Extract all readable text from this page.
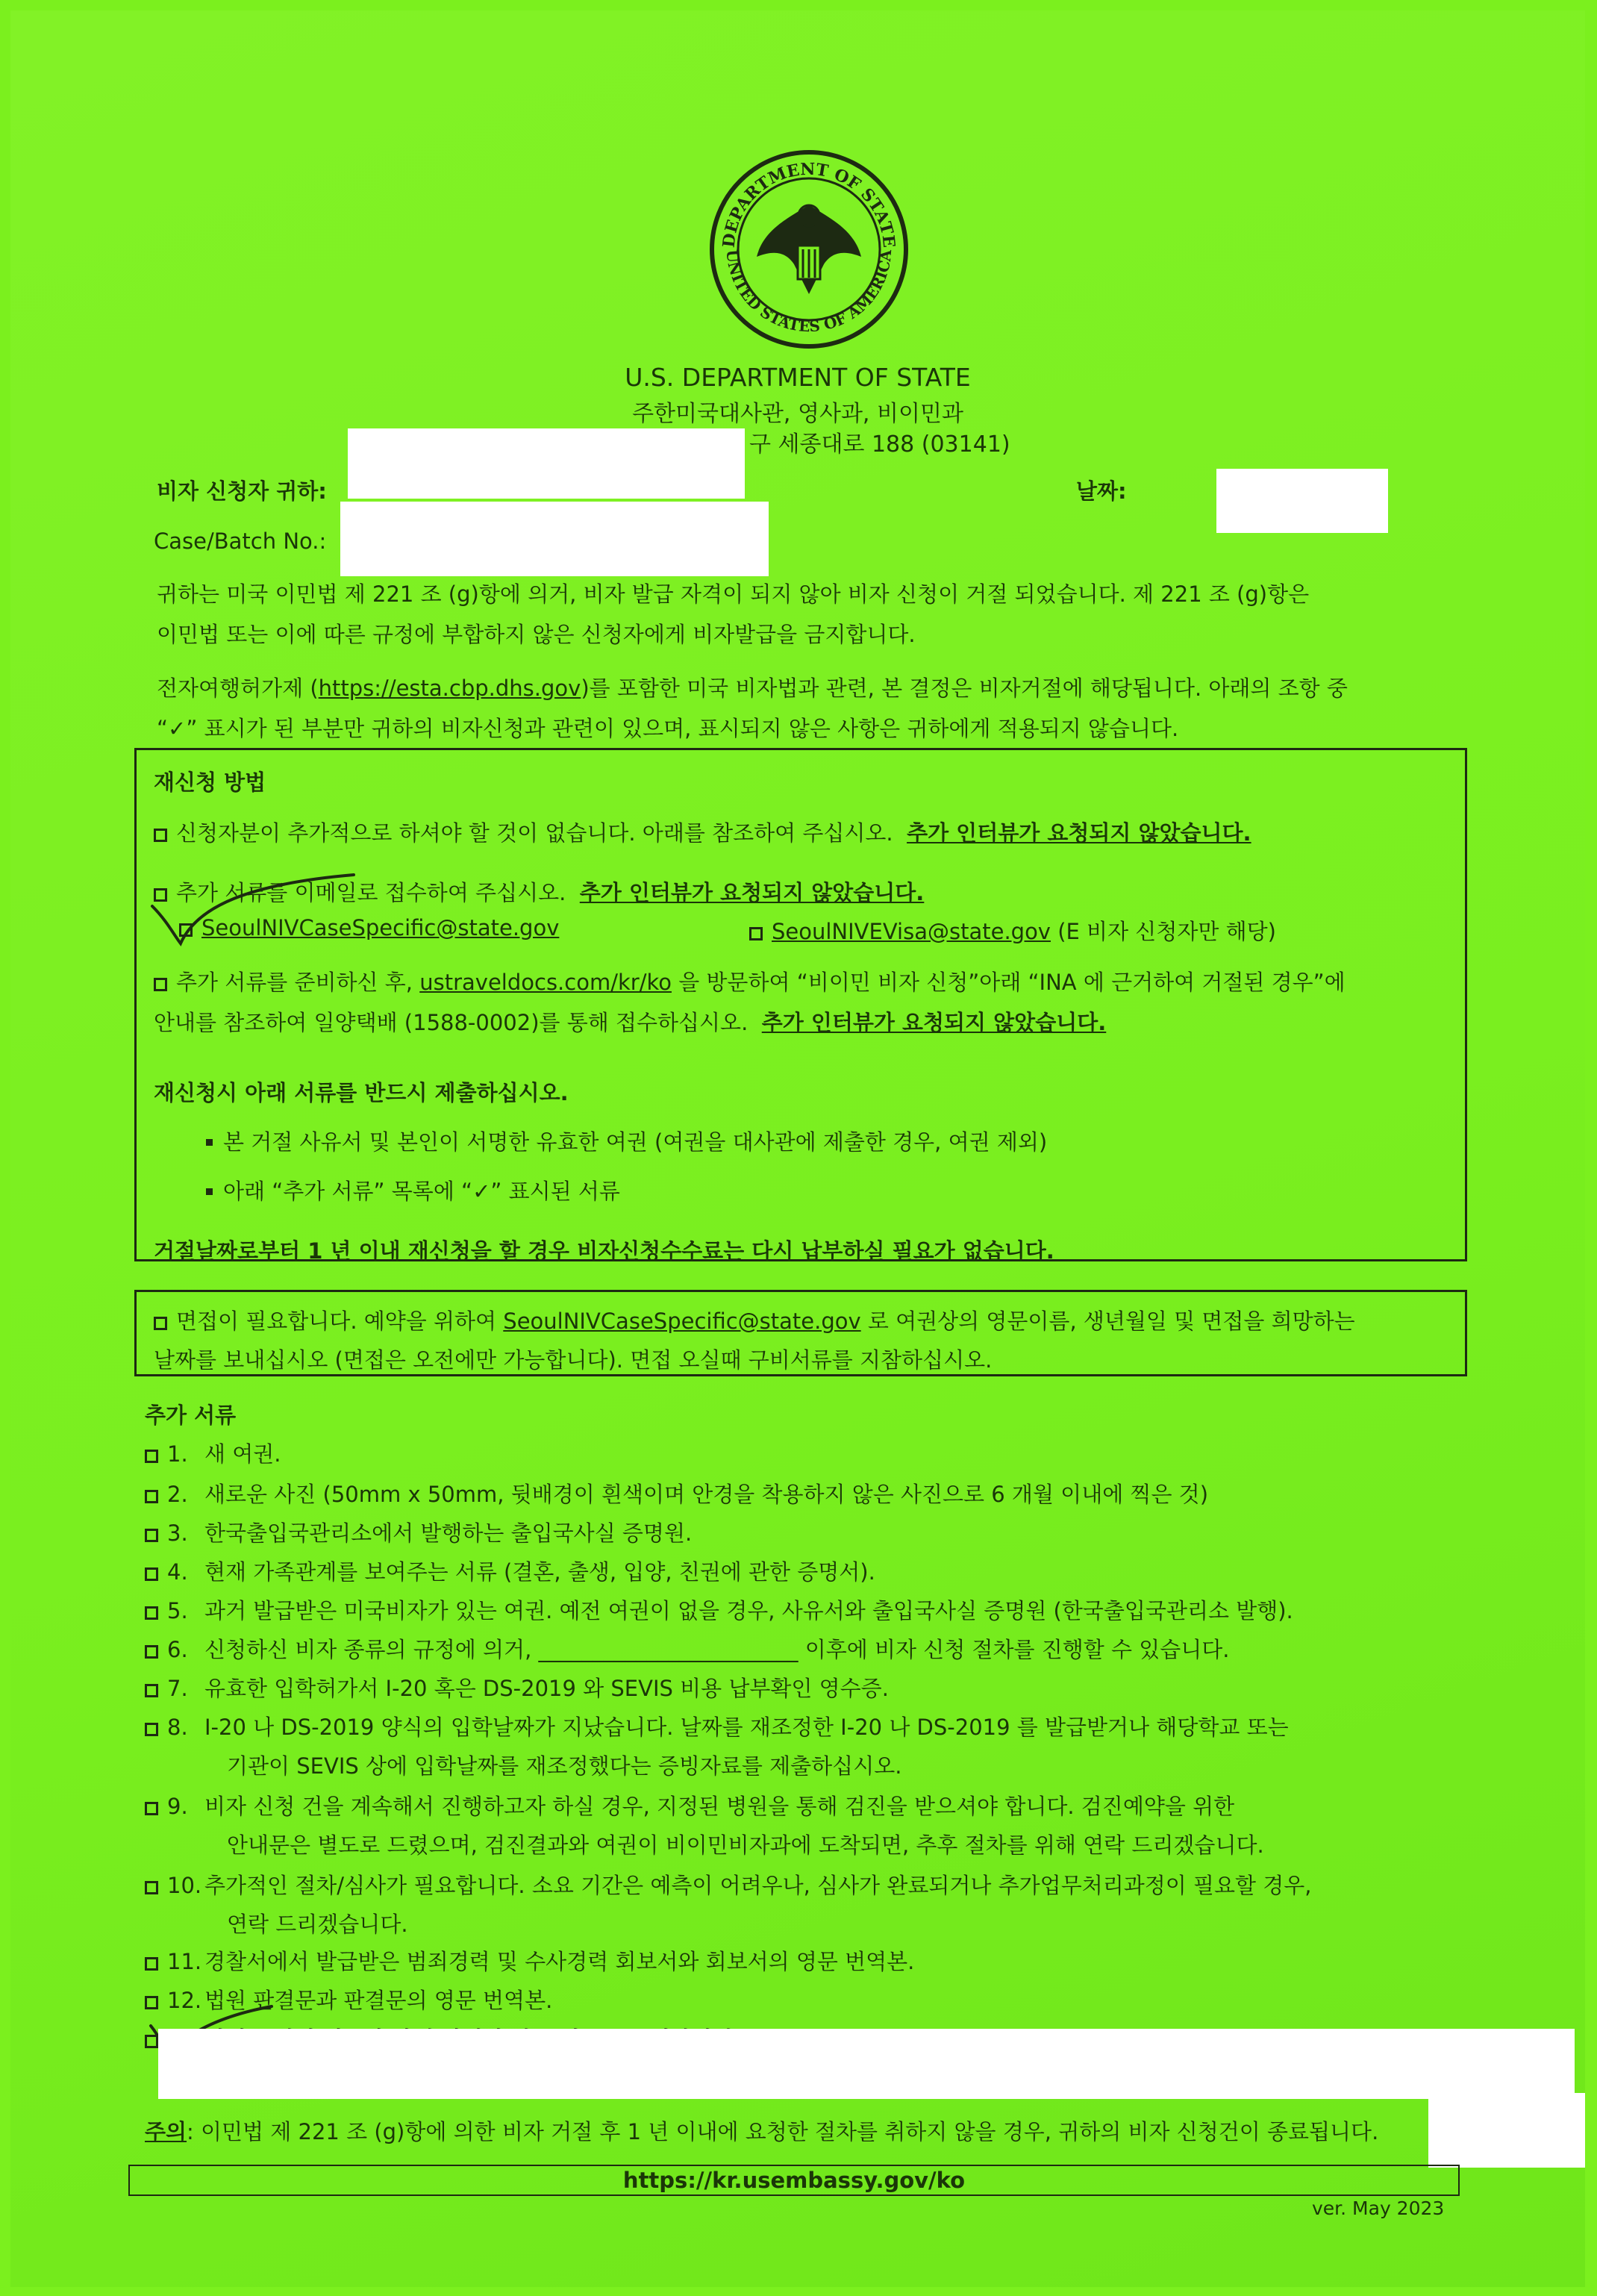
DEPARTMENT OF STATE
UNITED STATES OF AMERICA
U.S. DEPARTMENT OF STATE
주한미국대사관, 영사과, 비이민과
구 세종대로 188 (03141)
비자 신청자 귀하:	날짜:
Case/Batch No.:
귀하는 미국 이민법 제 221 조 (g)항에 의거, 비자 발급 자격이 되지 않아 비자 신청이 거절 되었습니다. 제 221 조 (g)항은
이민법 또는 이에 따른 규정에 부합하지 않은 신청자에게 비자발급을 금지합니다.
전자여행허가제 (https://esta.cbp.dhs.gov)를 포함한 미국 비자법과 관련, 본 결정은 비자거절에 해당됩니다. 아래의 조항 중
“✓” 표시가 된 부분만 귀하의 비자신청과 관련이 있으며, 표시되지 않은 사항은 귀하에게 적용되지 않습니다.
재신청 방법
신청자분이 추가적으로 하셔야 할 것이 없습니다. 아래를 참조하여 주십시오. 추가 인터뷰가 요청되지 않았습니다.
추가 서류를 이메일로 접수하여 주십시오. 추가 인터뷰가 요청되지 않았습니다.
SeoulNIVCaseSpecific@state.gov	SeoulNIVEVisa@state.gov (E 비자 신청자만 해당)
추가 서류를 준비하신 후, ustraveldocs.com/kr/ko 을 방문하여 “비이민 비자 신청”아래 “INA 에 근거하여 거절된 경우”에
안내를 참조하여 일양택배 (1588-0002)를 통해 접수하십시오. 추가 인터뷰가 요청되지 않았습니다.
재신청시 아래 서류를 반드시 제출하십시오.
본 거절 사유서 및 본인이 서명한 유효한 여권 (여권을 대사관에 제출한 경우, 여권 제외)
아래 “추가 서류” 목록에 “✓” 표시된 서류
거절날짜로부터 1 년 이내 재신청을 할 경우 비자신청수수료는 다시 납부하실 필요가 없습니다.
면접이 필요합니다. 예약을 위하여 SeoulNIVCaseSpecific@state.gov 로 여권상의 영문이름, 생년월일 및 면접을 희망하는
날짜를 보내십시오 (면접은 오전에만 가능합니다). 면접 오실때 구비서류를 지참하십시오.
추가 서류
1. 새 여권.
2. 새로운 사진 (50mm x 50mm, 뒷배경이 흰색이며 안경을 착용하지 않은 사진으로 6 개월 이내에 찍은 것)
3. 한국출입국관리소에서 발행하는 출입국사실 증명원.
4. 현재 가족관계를 보여주는 서류 (결혼, 출생, 입양, 친권에 관한 증명서).
5. 과거 발급받은 미국비자가 있는 여권. 예전 여권이 없을 경우, 사유서와 출입국사실 증명원 (한국출입국관리소 발행).
6. 신청하신 비자 종류의 규정에 의거, ________________________ 이후에 비자 신청 절차를 진행할 수 있습니다.
7. 유효한 입학허가서 I-20 혹은 DS-2019 와 SEVIS 비용 납부확인 영수증.
8. I-20 나 DS-2019 양식의 입학날짜가 지났습니다. 날짜를 재조정한 I-20 나 DS-2019 를 발급받거나 해당학교 또는
기관이 SEVIS 상에 입학날짜를 재조정했다는 증빙자료를 제출하십시오.
9. 비자 신청 건을 계속해서 진행하고자 하실 경우, 지정된 병원을 통해 검진을 받으셔야 합니다. 검진예약을 위한
안내문은 별도로 드렸으며, 검진결과와 여권이 비이민비자과에 도착되면, 추후 절차를 위해 연락 드리겠습니다.
10. 추가적인 절차/심사가 필요합니다. 소요 기간은 예측이 어려우나, 심사가 완료되거나 추가업무처리과정이 필요할 경우,
연락 드리겠습니다.
11. 경찰서에서 발급받은 범죄경력 및 수사경력 회보서와 회보서의 영문 번역본.
12. 법원 판결문과 판결문의 영문 번역본.
주의: 이민법 제 221 조 (g)항에 의한 비자 거절 후 1 년 이내에 요청한 절차를 취하지 않을 경우, 귀하의 비자 신청건이 종료됩니다.
https://kr.usembassy.gov/ko
ver. May 2023
